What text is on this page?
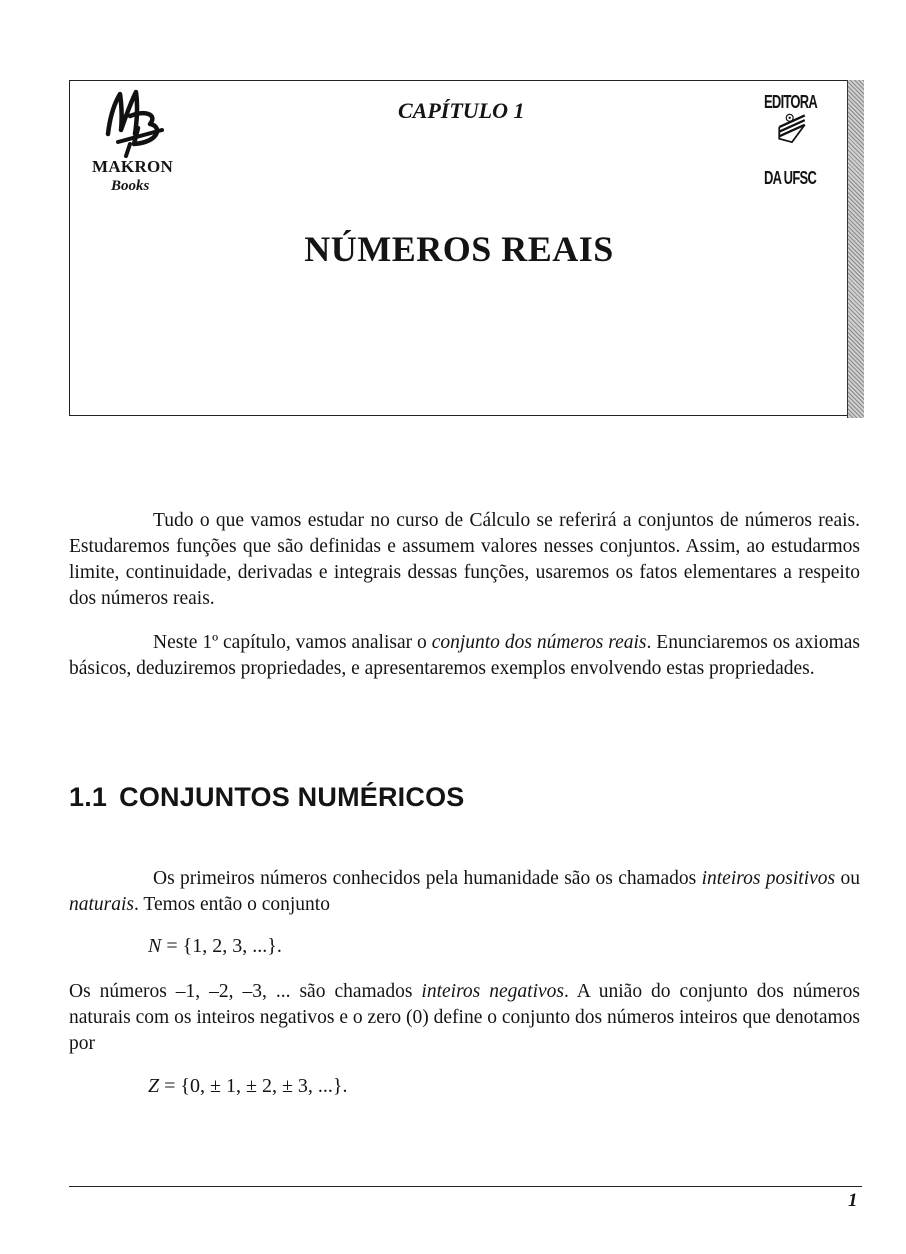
MAKRON
Books
CAPÍTULO 1
NÚMEROS REAIS
EDITORA
DA UFSC

Tudo o que vamos estudar no curso de Cálculo se referirá a conjuntos de números reais. Estudaremos funções que são definidas e assumem valores nesses conjuntos. Assim, ao estudarmos limite, continuidade, derivadas e integrais dessas funções, usaremos os fatos elementares a respeito dos números reais.

Neste 1º capítulo, vamos analisar o conjunto dos números reais. Enunciaremos os axiomas básicos, deduziremos propriedades, e apresentaremos exemplos envolvendo estas propriedades.

1.1 CONJUNTOS NUMÉRICOS

Os primeiros números conhecidos pela humanidade são os chamados inteiros positivos ou naturais. Temos então o conjunto

N = {1, 2, 3, ...}.

Os números –1, –2, –3, ... são chamados inteiros negativos. A união do conjunto dos números naturais com os inteiros negativos e o zero (0) define o conjunto dos números inteiros que denotamos por

Z = {0, ± 1, ± 2, ± 3, ...}.
1
